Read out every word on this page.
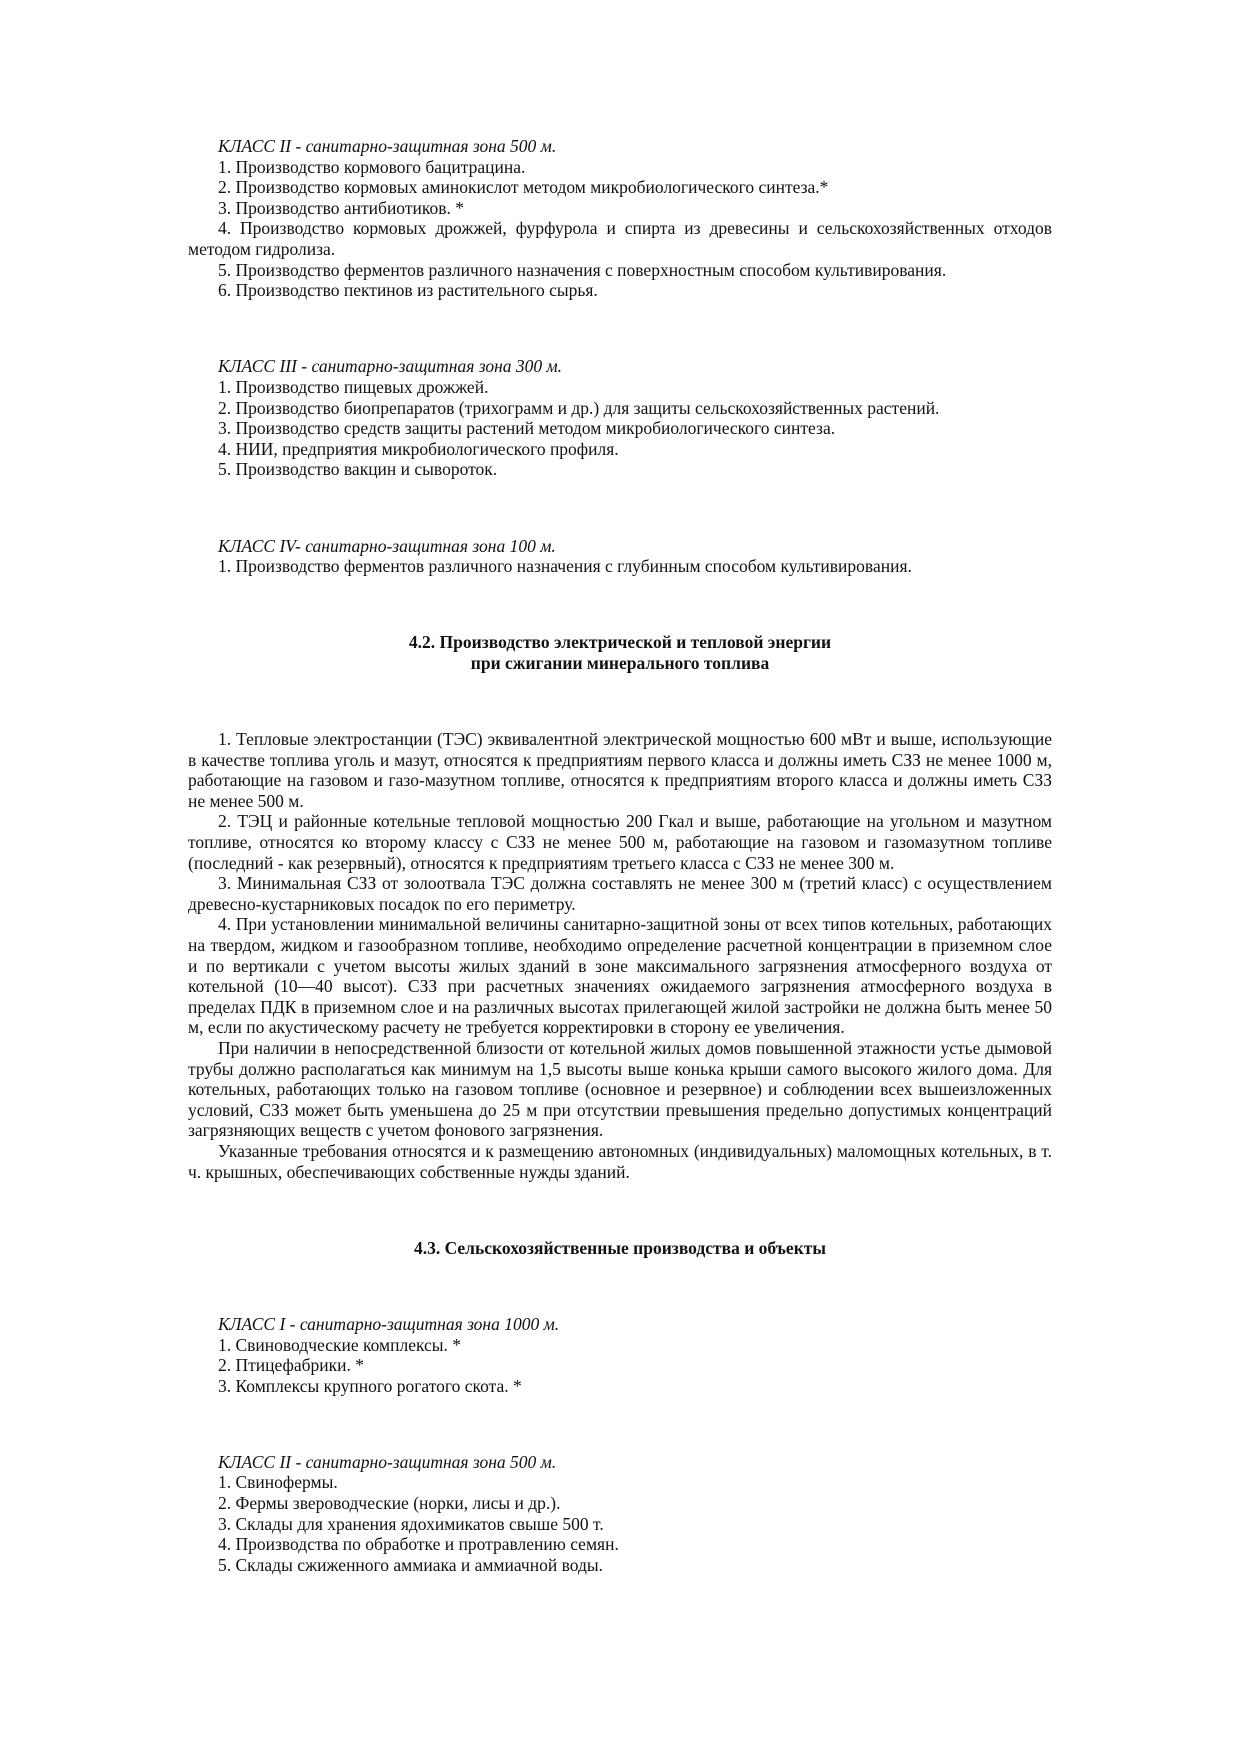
КЛАСС II - санитарно-защитная зона 500 м.

1. Производство кормового бацитрацина.

2. Производство кормовых аминокислот методом микробиологического синтеза.*

3. Производство антибиотиков. *

4. Производство кормовых дрожжей, фурфурола и спирта из древесины и сельскохозяйственных отходов методом гидролиза.

5. Производство ферментов различного назначения с поверхностным способом культивирования.

6. Производство пектинов из растительного сырья.

КЛАСС III - санитарно-защитная зона 300 м.

1. Производство пищевых дрожжей.

2. Производство биопрепаратов (трихограмм и др.) для защиты сельскохозяйственных растений.

3. Производство средств защиты растений методом микробиологического синтеза.

4. НИИ, предприятия микробиологического профиля.

5. Производство вакцин и сывороток.

КЛАСС IV- санитарно-защитная зона 100 м.

1. Производство ферментов различного назначения с глубинным способом культивирования.

4.2. Производство электрической и тепловой энергии

при сжигании минерального топлива

1. Тепловые электростанции (ТЭС) эквивалентной электрической мощностью 600 мВт и выше, использующие в качестве топлива уголь и мазут, относятся к предприятиям первого класса и должны иметь СЗЗ не менее 1000 м, работающие на газовом и газо-мазутном топливе, относятся к предприятиям второго класса и должны иметь СЗЗ не менее 500 м.

2. ТЭЦ и районные котельные тепловой мощностью 200 Гкал и выше, работающие на угольном и мазутном топливе, относятся ко второму классу с СЗЗ не менее 500 м, работающие на газовом и газомазутном топливе (последний - как резервный), относятся к предприятиям третьего класса с СЗЗ не менее 300 м.

3. Минимальная СЗЗ от золоотвала ТЭС должна составлять не менее 300 м (третий класс) с осуществлением древесно-кустарниковых посадок по его периметру.

4. При установлении минимальной величины санитарно-защитной зоны от всех типов котельных, работающих на твердом, жидком и газообразном топливе, необходимо определение расчетной концентрации в приземном слое и по вертикали с учетом высоты жилых зданий в зоне максимального загрязнения атмосферного воздуха от котельной (10—40 высот). СЗЗ при расчетных значениях ожидаемого загрязнения атмосферного воздуха в пределах ПДК в приземном слое и на различных высотах прилегающей жилой застройки не должна быть менее 50 м, если по акустическому расчету не требуется корректировки в сторону ее увеличения.

При наличии в непосредственной близости от котельной жилых домов повышенной этажности устье дымовой трубы должно располагаться как минимум на 1,5 высоты выше конька крыши самого высокого жилого дома. Для котельных, работающих только на газовом топливе (основное и резервное) и соблюдении всех вышеизложенных условий, СЗЗ может быть уменьшена до 25 м при отсутствии превышения предельно допустимых концентраций загрязняющих веществ с учетом фонового загрязнения.

Указанные требования относятся и к размещению автономных (индивидуальных) маломощных котельных, в т. ч. крышных, обеспечивающих собственные нужды зданий.

4.3. Сельскохозяйственные производства и объекты

КЛАСС I - санитарно-защитная зона 1000 м.

1. Свиноводческие комплексы. *

2. Птицефабрики. *

3. Комплексы крупного рогатого скота. *

КЛАСС II - санитарно-защитная зона 500 м.

1. Свинофермы.

2. Фермы звероводческие (норки, лисы и др.).

3. Склады для хранения ядохимикатов свыше 500 т.

4. Производства по обработке и протравлению семян.

5. Склады сжиженного аммиака и аммиачной воды.
